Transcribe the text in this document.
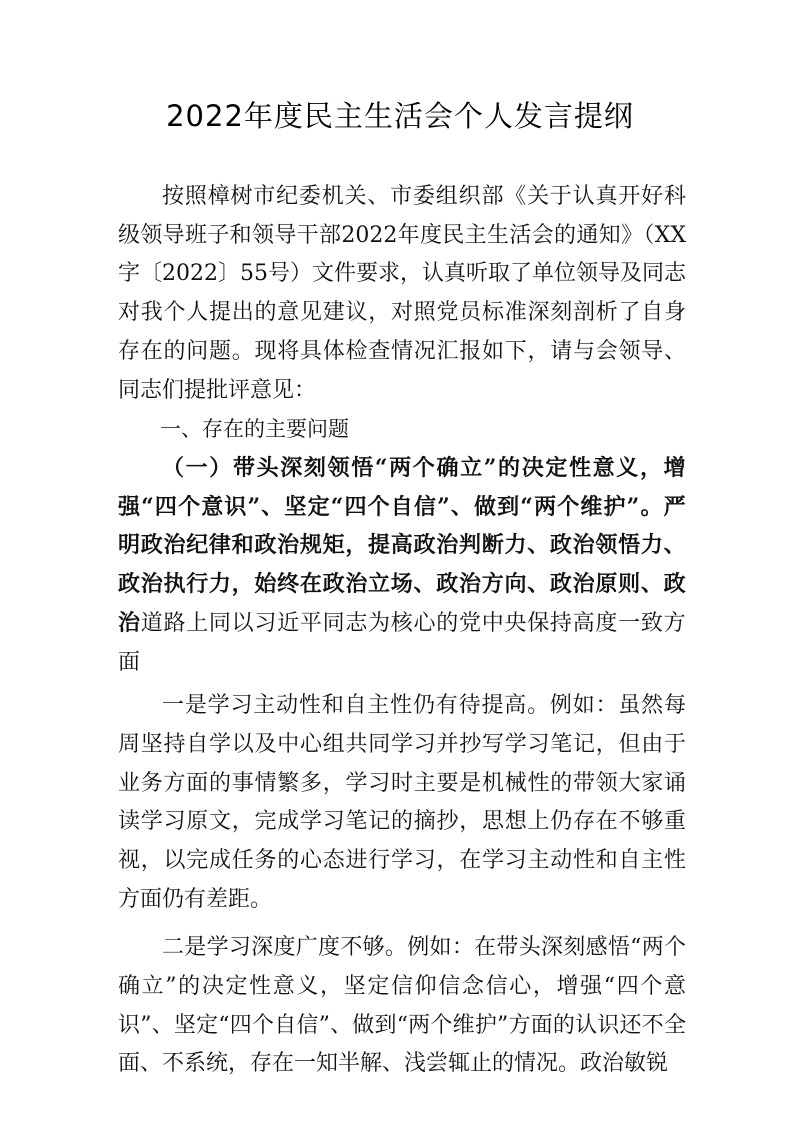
2022年度民主生活会个人发言提纲

按照樟树市纪委机关、市委组织部《关于认真开好科级领导班子和领导干部2022年度民主生活会的通知》（XX字〔2022〕55号）文件要求，认真听取了单位领导及同志对我个人提出的意见建议，对照党员标准深刻剖析了自身存在的问题。现将具体检查情况汇报如下，请与会领导、同志们提批评意见：

一、存在的主要问题

（一）带头深刻领悟“两个确立”的决定性意义，增强“四个意识”、坚定“四个自信”、做到“两个维护”。严明政治纪律和政治规矩，提高政治判断力、政治领悟力、政治执行力，始终在政治立场、政治方向、政治原则、政治道路上同以习近平同志为核心的党中央保持高度一致方面

一是学习主动性和自主性仍有待提高。例如：虽然每周坚持自学以及中心组共同学习并抄写学习笔记，但由于业务方面的事情繁多，学习时主要是机械性的带领大家诵读学习原文，完成学习笔记的摘抄，思想上仍存在不够重视，以完成任务的心态进行学习，在学习主动性和自主性方面仍有差距。

二是学习深度广度不够。例如：在带头深刻感悟“两个确立”的决定性意义，坚定信仰信念信心，增强“四个意识”、坚定“四个自信”、做到“两个维护”方面的认识还不全面、不系统，存在一知半解、浅尝辄止的情况。政治敏锐
